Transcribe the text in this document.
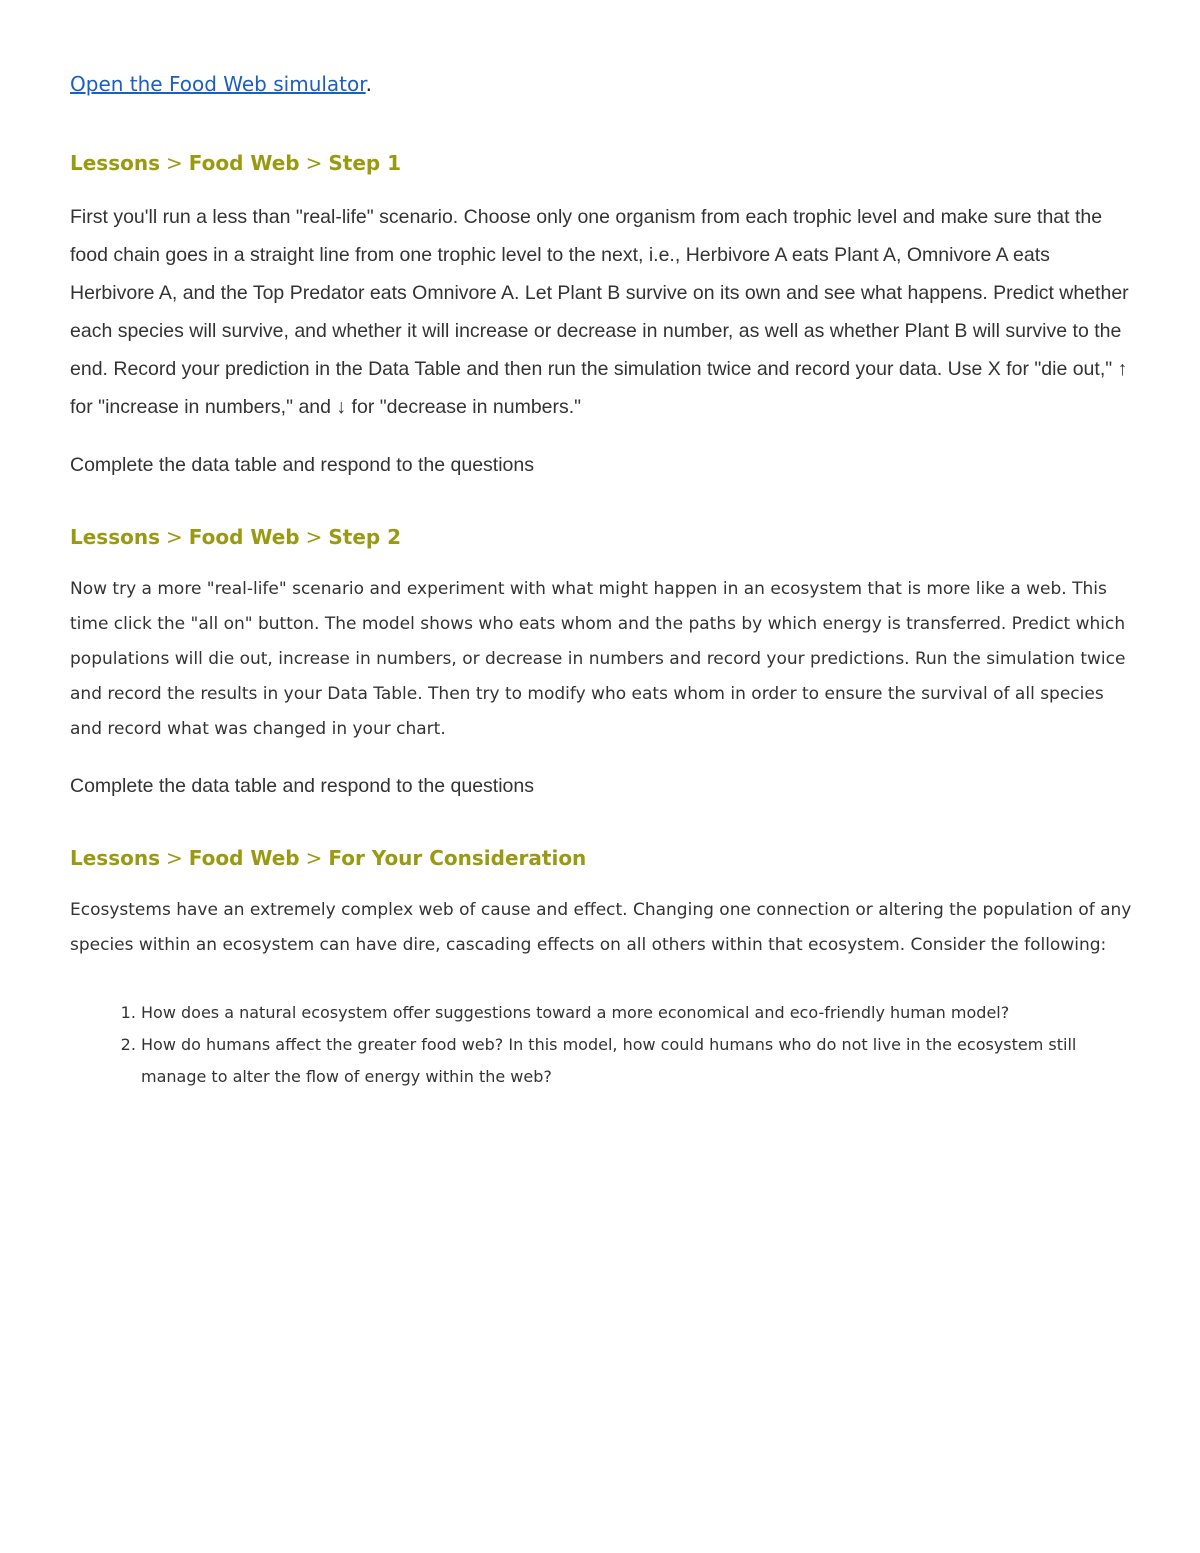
Open the Food Web simulator.

Lessons > Food Web > Step 1

First you'll run a less than "real-life" scenario. Choose only one organism from each trophic level and make sure that the food chain goes in a straight line from one trophic level to the next, i.e., Herbivore A eats Plant A, Omnivore A eats Herbivore A, and the Top Predator eats Omnivore A. Let Plant B survive on its own and see what happens. Predict whether each species will survive, and whether it will increase or decrease in number, as well as whether Plant B will survive to the end. Record your prediction in the Data Table and then run the simulation twice and record your data. Use X for "die out," ↑ for "increase in numbers," and ↓ for "decrease in numbers."

Complete the data table and respond to the questions

Lessons > Food Web > Step 2

Now try a more "real-life" scenario and experiment with what might happen in an ecosystem that is more like a web. This time click the "all on" button. The model shows who eats whom and the paths by which energy is transferred. Predict which populations will die out, increase in numbers, or decrease in numbers and record your predictions. Run the simulation twice and record the results in your Data Table. Then try to modify who eats whom in order to ensure the survival of all species and record what was changed in your chart.

Complete the data table and respond to the questions

Lessons > Food Web > For Your Consideration

Ecosystems have an extremely complex web of cause and effect. Changing one connection or altering the population of any species within an ecosystem can have dire, cascading effects on all others within that ecosystem. Consider the following:

1. How does a natural ecosystem offer suggestions toward a more economical and eco-friendly human model?
2. How do humans affect the greater food web? In this model, how could humans who do not live in the ecosystem still manage to alter the flow of energy within the web?
